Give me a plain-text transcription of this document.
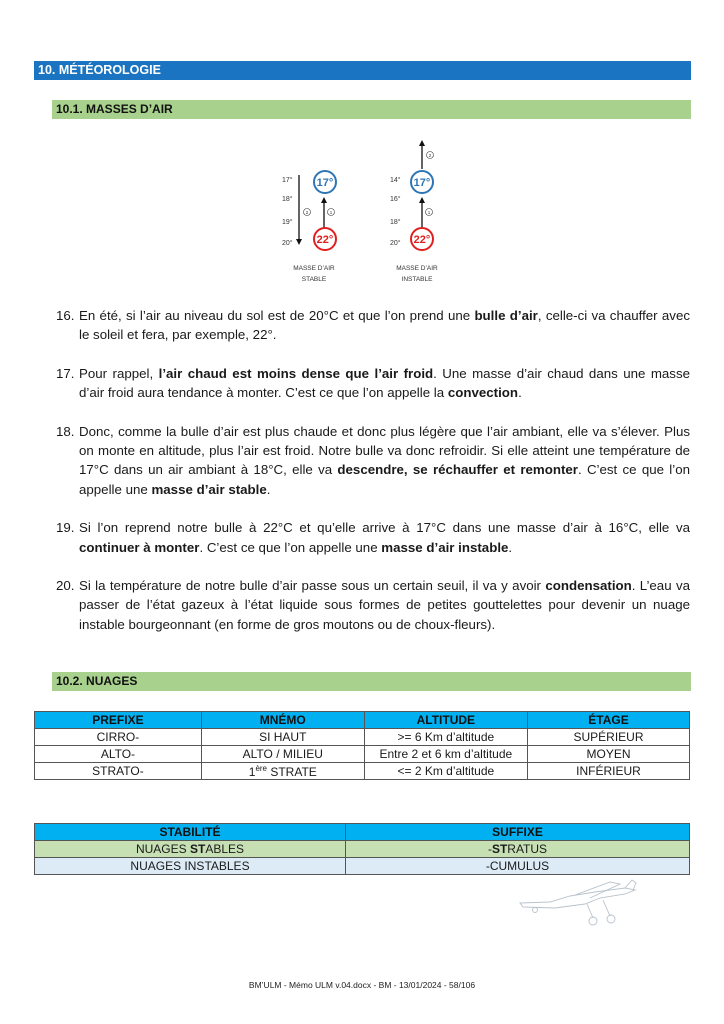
10. MÉTÉOROLOGIE
10.1. MASSES D’AIR
17°
18°
19°
20°
2	1
17°
22°
MASSE D’AIR
STABLE
14°
16°
18°
20°
2
1
17°
22°
MASSE D’AIR
INSTABLE
16. En été, si l’air au niveau du sol est de 20°C et que l’on prend une bulle d’air, celle-ci va chauffer avec le soleil et fera, par exemple, 22°.
17. Pour rappel, l’air chaud est moins dense que l’air froid. Une masse d’air chaud dans une masse d’air froid aura tendance à monter. C’est ce que l’on appelle la convection.
18. Donc, comme la bulle d’air est plus chaude et donc plus légère que l’air ambiant, elle va s’élever. Plus on monte en altitude, plus l’air est froid. Notre bulle va donc refroidir. Si elle atteint une température de 17°C dans un air ambiant à 18°C, elle va descendre, se réchauffer et remonter. C’est ce que l’on appelle une masse d’air stable.
19. Si l’on reprend notre bulle à 22°C et qu’elle arrive à 17°C dans une masse d’air à 16°C, elle va continuer à monter. C’est ce que l’on appelle une masse d’air instable.
20. Si la température de notre bulle d’air passe sous un certain seuil, il va y avoir condensation. L’eau va passer de l’état gazeux à l’état liquide sous formes de petites gouttelettes pour devenir un nuage instable bourgeonnant (en forme de gros moutons ou de choux-fleurs).
10.2. NUAGES
PREFIXE	MNÉMO	ALTITUDE	ÉTAGE
CIRRO-	SI HAUT	>= 6 Km d’altitude	SUPÉRIEUR
ALTO-	ALTO / MILIEU	Entre 2 et 6 km d’altitude	MOYEN
STRATO-	1ère STRATE	<= 2 Km d’altitude	INFÉRIEUR
STABILITÉ	SUFFIXE
NUAGES STABLES	-STRATUS
NUAGES INSTABLES	-CUMULUS
BM’ULM - Mémo ULM v.04.docx - BM - 13/01/2024 - 58/106
